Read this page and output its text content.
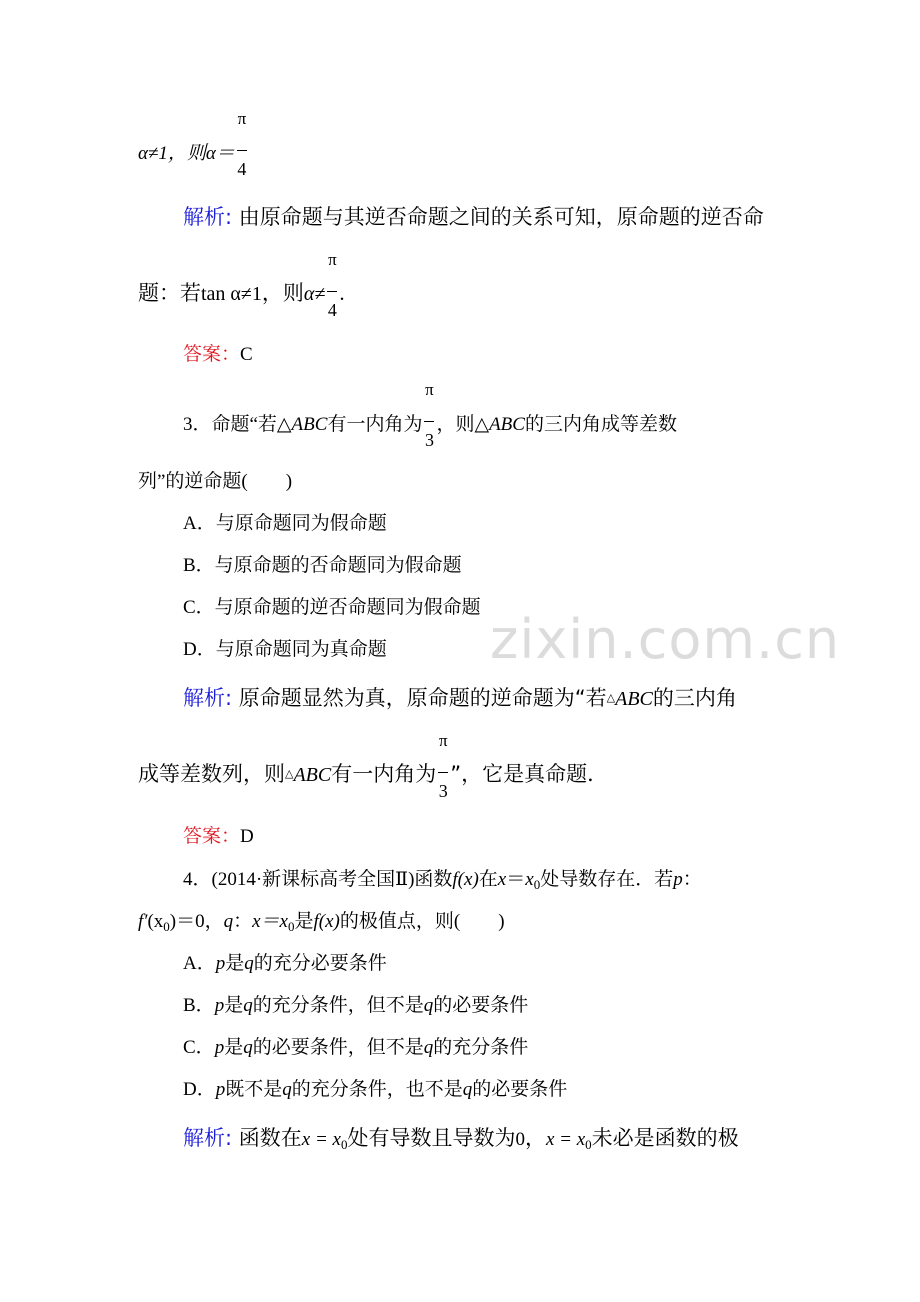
zixin.com.cn
α≠1，则$\alpha= \frac{\pi}{4}$
解析: 由原命题与其逆否命题之间的关系可知，原命题的逆否命
题：若tan α≠1，则$\alpha\ne \frac{\pi}{4}$ .
答案：C
3．命题“若△ABC有一内角为 $\frac{\pi}{3}$ ，则△ABC的三内角成等差数
列”的逆命题(　　)
A．与原命题同为假命题
B．与原命题的否命题同为假命题
C．与原命题的逆否命题同为假命题
D．与原命题同为真命题
解析: 原命题显然为真，原命题的逆命题为“若△ABC的三内角
成等差数列，则△ABC有一内角为 $\frac{\pi}{3}$ ”，它是真命题．
答案：D
4．(2014·新课标高考全国Ⅱ)函数f(x)在$x=x_0$处导数存在．若p：
$f'(x_0)=0$，q：$x=x_0$是f(x)的极值点，则(　　)
A．p是q的充分必要条件
B．p是q的充分条件，但不是q的必要条件
C．p是q的必要条件，但不是q的充分条件
D．p既不是q的充分条件，也不是q的必要条件
解析: 函数在$x = x_0$处有导数且导数为0，$x = x_0$未必是函数的极
